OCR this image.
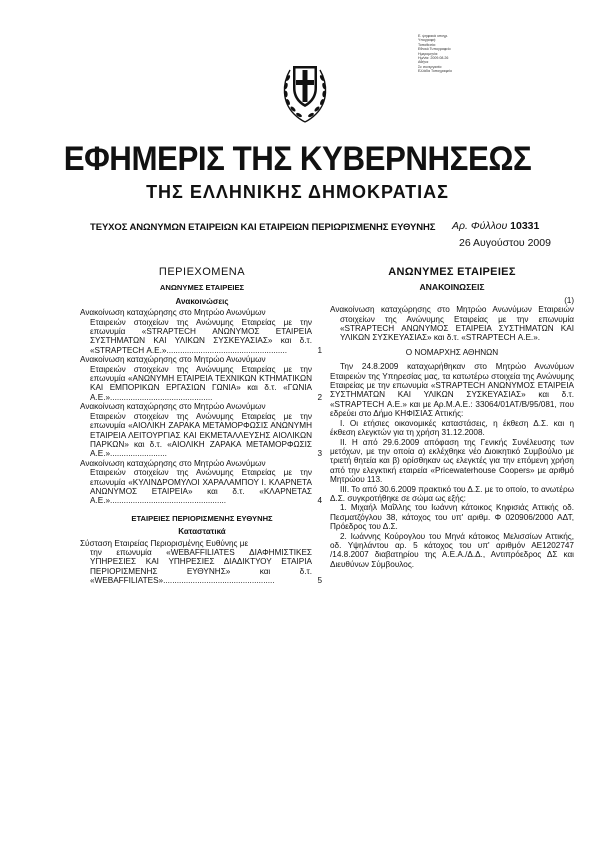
Ε. ψηφιακά υπογρ.
Υπογραφή:
Τοποθεσία:
Εθνικό Τυπογραφείο
Ημερομηνία:
Ημ/νία: 2009.08.26
Αθήνα
Σε συνεργασία
Ελλάδα Τυπογραφείο
ΕΦΗΜΕΡΙΣ ΤΗΣ ΚΥΒΕΡΝΗΣΕΩΣ
ΤΗΣ ΕΛΛΗΝΙΚΗΣ ΔΗΜΟΚΡΑΤΙΑΣ
ΤΕΥΧΟΣ ΑΝΩΝΥΜΩΝ ΕΤΑΙΡΕΙΩΝ ΚΑΙ ΕΤΑΙΡΕΙΩΝ ΠΕΡΙΩΡΙΣΜΕΝΗΣ ΕΥΘΥΝΗΣ Αρ. Φύλλου 10331
26 Αυγούστου 2009
ΠΕΡΙΕΧΟΜΕΝΑ
ΑΝΩΝΥΜΕΣ ΕΤΑΙΡΕΙΕΣ
Ανακοινώσεις
Ανακοίνωση καταχώρησης στο Μητρώο Ανωνύμων
Εταιρειών στοιχείων της Ανώνυμης Εταιρείας με την επωνυμία «STRAPTECH ΑΝΩΝΥΜΟΣ ΕΤΑΙΡΕΙΑ ΣΥΣΤΗΜΑΤΩΝ ΚΑΙ ΥΛΙΚΩΝ ΣΥΣΚΕΥΑΣΙΑΣ» και δ.τ. «STRAPTECH Α.Ε.».....................................................	1
Ανακοίνωση καταχώρησης στο Μητρώο Ανωνύμων
Εταιρειών στοιχείων της Ανώνυμης Εταιρείας με την επωνυμία «ΑΝΩΝΥΜΗ ΕΤΑΙΡΕΙΑ ΤΕΧΝΙΚΩΝ ΚΤΗΜΑΤΙΚΩΝ ΚΑΙ ΕΜΠΟΡΙΚΩΝ ΕΡΓΑΣΙΩΝ ΓΩΝΙΑ» και δ.τ. «ΓΩΝΙΑ Α.Ε.».............................................	2
Ανακοίνωση καταχώρησης στο Μητρώο Ανωνύμων
Εταιρειών στοιχείων της Ανώνυμης Εταιρείας με την επωνυμία «ΑΙΟΛΙΚΗ ΖΑΡΑΚΑ ΜΕΤΑΜΟΡΦΩΣΙΣ ΑΝΩΝΥΜΗ ΕΤΑΙΡΕΙΑ ΛΕΙΤΟΥΡΓΙΑΣ ΚΑΙ ΕΚΜΕΤΑΛΛΕΥΣΗΣ ΑΙΟΛΙΚΩΝ ΠΑΡΚΩΝ» και δ.τ. «ΑΙΟΛΙΚΗ ΖΑΡΑΚΑ ΜΕΤΑΜΟΡΦΩΣΙΣ Α.Ε.».........................	3
Ανακοίνωση καταχώρησης στο Μητρώο Ανωνύμων
Εταιρειών στοιχείων της Ανώνυμης Εταιρείας με την επωνυμία «ΚΥΛΙΝΔΡΟΜΥΛΟΙ ΧΑΡΑΛΑΜΠΟΥ Ι. ΚΛΑΡΝΕΤΑ ΑΝΩΝΥΜΟΣ ΕΤΑΙΡΕΙΑ» και δ.τ. «ΚΛΑΡΝΕΤΑΣ Α.Ε.»...................................................	4
ΕΤΑΙΡΕΙΕΣ ΠΕΡΙΟΡΙΣΜΕΝΗΣ ΕΥΘΥΝΗΣ
Καταστατικά
Σύσταση Εταιρείας Περιορισμένης Ευθύνης με
την επωνυμία «WEBAFFILIATES ΔΙΑΦΗΜΙΣΤΙΚΕΣ ΥΠΗΡΕΣΙΕΣ ΚΑΙ ΥΠΗΡΕΣΙΕΣ ΔΙΑΔΙΚΤΥΟΥ ΕΤΑΙΡΙΑ ΠΕΡΙΟΡΙΣΜΕΝΗΣ ΕΥΘΥΝΗΣ» και δ.τ. «WEBAFFILIATES».................................................	5
ΑΝΩΝΥΜΕΣ ΕΤΑΙΡΕΙΕΣ
ΑΝΑΚΟΙΝΩΣΕΙΣ
(1)
Ανακοίνωση καταχώρησης στο Μητρώο Ανωνύμων Εταιρειών στοιχείων της Ανώνυμης Εταιρείας με την επωνυμία «STRAPTECH ΑΝΩΝΥΜΟΣ ΕΤΑΙΡΕΙΑ ΣΥΣΤΗΜΑΤΩΝ ΚΑΙ ΥΛΙΚΩΝ ΣΥΣΚΕΥΑΣΙΑΣ» και δ.τ. «STRAPTECH Α.Ε.».
Ο ΝΟΜΑΡΧΗΣ ΑΘΗΝΩΝ
Την 24.8.2009 καταχωρήθηκαν στο Μητρώο Ανωνύμων Εταιρειών της Υπηρεσίας μας, τα κατωτέρω στοιχεία της Ανώνυμης Εταιρείας με την επωνυμία «STRAPTECH ΑΝΩΝΥΜΟΣ ΕΤΑΙΡΕΙΑ ΣΥΣΤΗΜΑΤΩΝ ΚΑΙ ΥΛΙΚΩΝ ΣΥΣΚΕΥΑΣΙΑΣ» και δ.τ. «STRAPTECH Α.Ε.» και με Αρ.Μ.Α.Ε.: 33064/01ΑΤ/Β/95/081, που εδρεύει στο Δήμο ΚΗΦΙΣΙΑΣ Αττικής:
Ι. Οι ετήσιες οικονομικές καταστάσεις, η έκθεση Δ.Σ. και η έκθεση ελεγκτών για τη χρήση 31.12.2008.
ΙΙ. Η από 29.6.2009 απόφαση της Γενικής Συνέλευσης των μετόχων, με την οποία α) εκλέχθηκε νέο Διοικητικό Συμβούλιο με τριετή θητεία και β) ορίσθηκαν ως ελεγκτές για την επόμενη χρήση από την ελεγκτική εταιρεία «Pricewaterhouse Coopers» με αριθμό Μητρώου 113.
ΙΙΙ. Το από 30.6.2009 πρακτικό του Δ.Σ. με το οποίο, το ανωτέρω Δ.Σ. συγκροτήθηκε σε σώμα ως εξής:
1. Μιχαήλ Μαΐλλης του Ιωάννη κάτοικος Κηφισιάς Αττικής οδ. Πεσματζόγλου 38, κάτοχος του υπ' αριθμ. Φ 020906/2000 ΑΔΤ, Πρόεδρος του Δ.Σ.
2. Ιωάννης Κούρογλου του Μηνά κάτοικος Μελισσίων Αττικής, οδ. Υψηλάντου αρ. 5 κάτοχος του υπ' αριθμόν ΑΕ1202747 /14.8.2007 διαβατηρίου της Α.Ε.Α./Δ.Δ., Αντιπρόεδρος ΔΣ και Διευθύνων Σύμβουλος.
